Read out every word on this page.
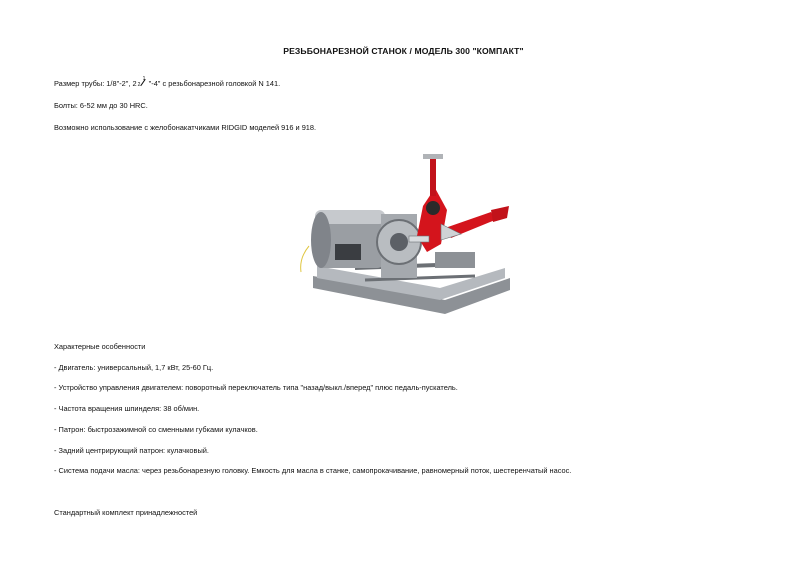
РЕЗЬБОНАРЕЗНОЙ СТАНОК / МОДЕЛЬ 300 "КОМПАКТ"
Размер трубы: 1/8"-2", 2 2 "-4" с резьбонарезной головкой N 141.
Болты: 6-52 мм до 30 HRC.
Возможно использование с желобонакатчиками RIDGID моделей 916 и 918.
Характерные особенности
- Двигатель: универсальный, 1,7 кВт, 25-60 Гц.
- Устройство управления двигателем: поворотный переключатель типа "назад/выкл./вперед" плюс педаль-пускатель.
- Частота вращения шпинделя: 38 об/мин.
- Патрон: быстрозажимной со сменными губками кулачков.
- Задний центрирующий патрон: кулачковый.
- Система подачи масла: через резьбонарезную головку. Емкость для масла в станке, самопрокачивание, равномерный поток, шестеренчатый насос.
Стандартный комплект принадлежностей
